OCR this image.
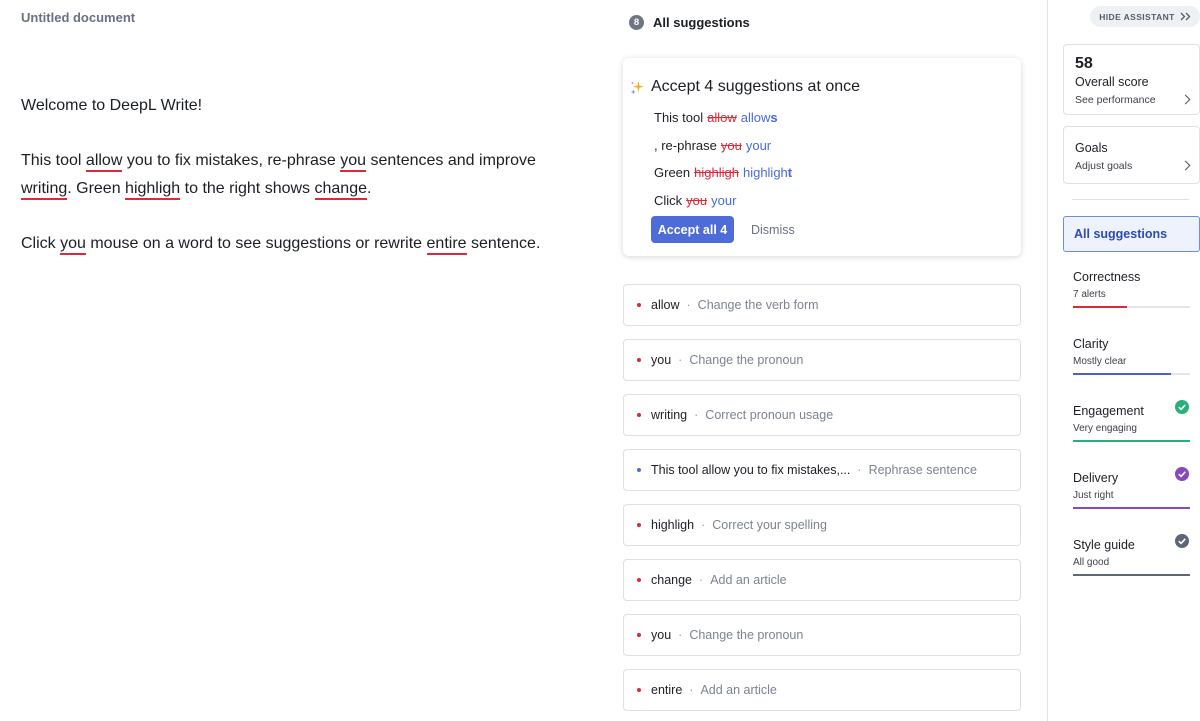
Untitled document

Welcome to DeepL Write!

This tool allow you to fix mistakes, re-phrase you sentences and improve writing. Green highligh to the right shows change.

Click you mouse on a word to see suggestions or rewrite entire sentence.

8	All suggestions
Accept 4 suggestions at once
This tool allow allows
, re-phrase you your
Green highligh highlight
Click you your
Accept all 4	Dismiss
allow · Change the verb form
you · Change the pronoun
writing · Correct pronoun usage
This tool allow you to fix mistakes,... · Rephrase sentence
highligh · Correct your spelling
change · Add an article
you · Change the pronoun
entire · Add an article
HIDE ASSISTANT
58
Overall score
See performance
Goals
Adjust goals
All suggestions
Correctness
7 alerts
Clarity
Mostly clear
Engagement
Very engaging
Delivery
Just right
Style guide
All good
